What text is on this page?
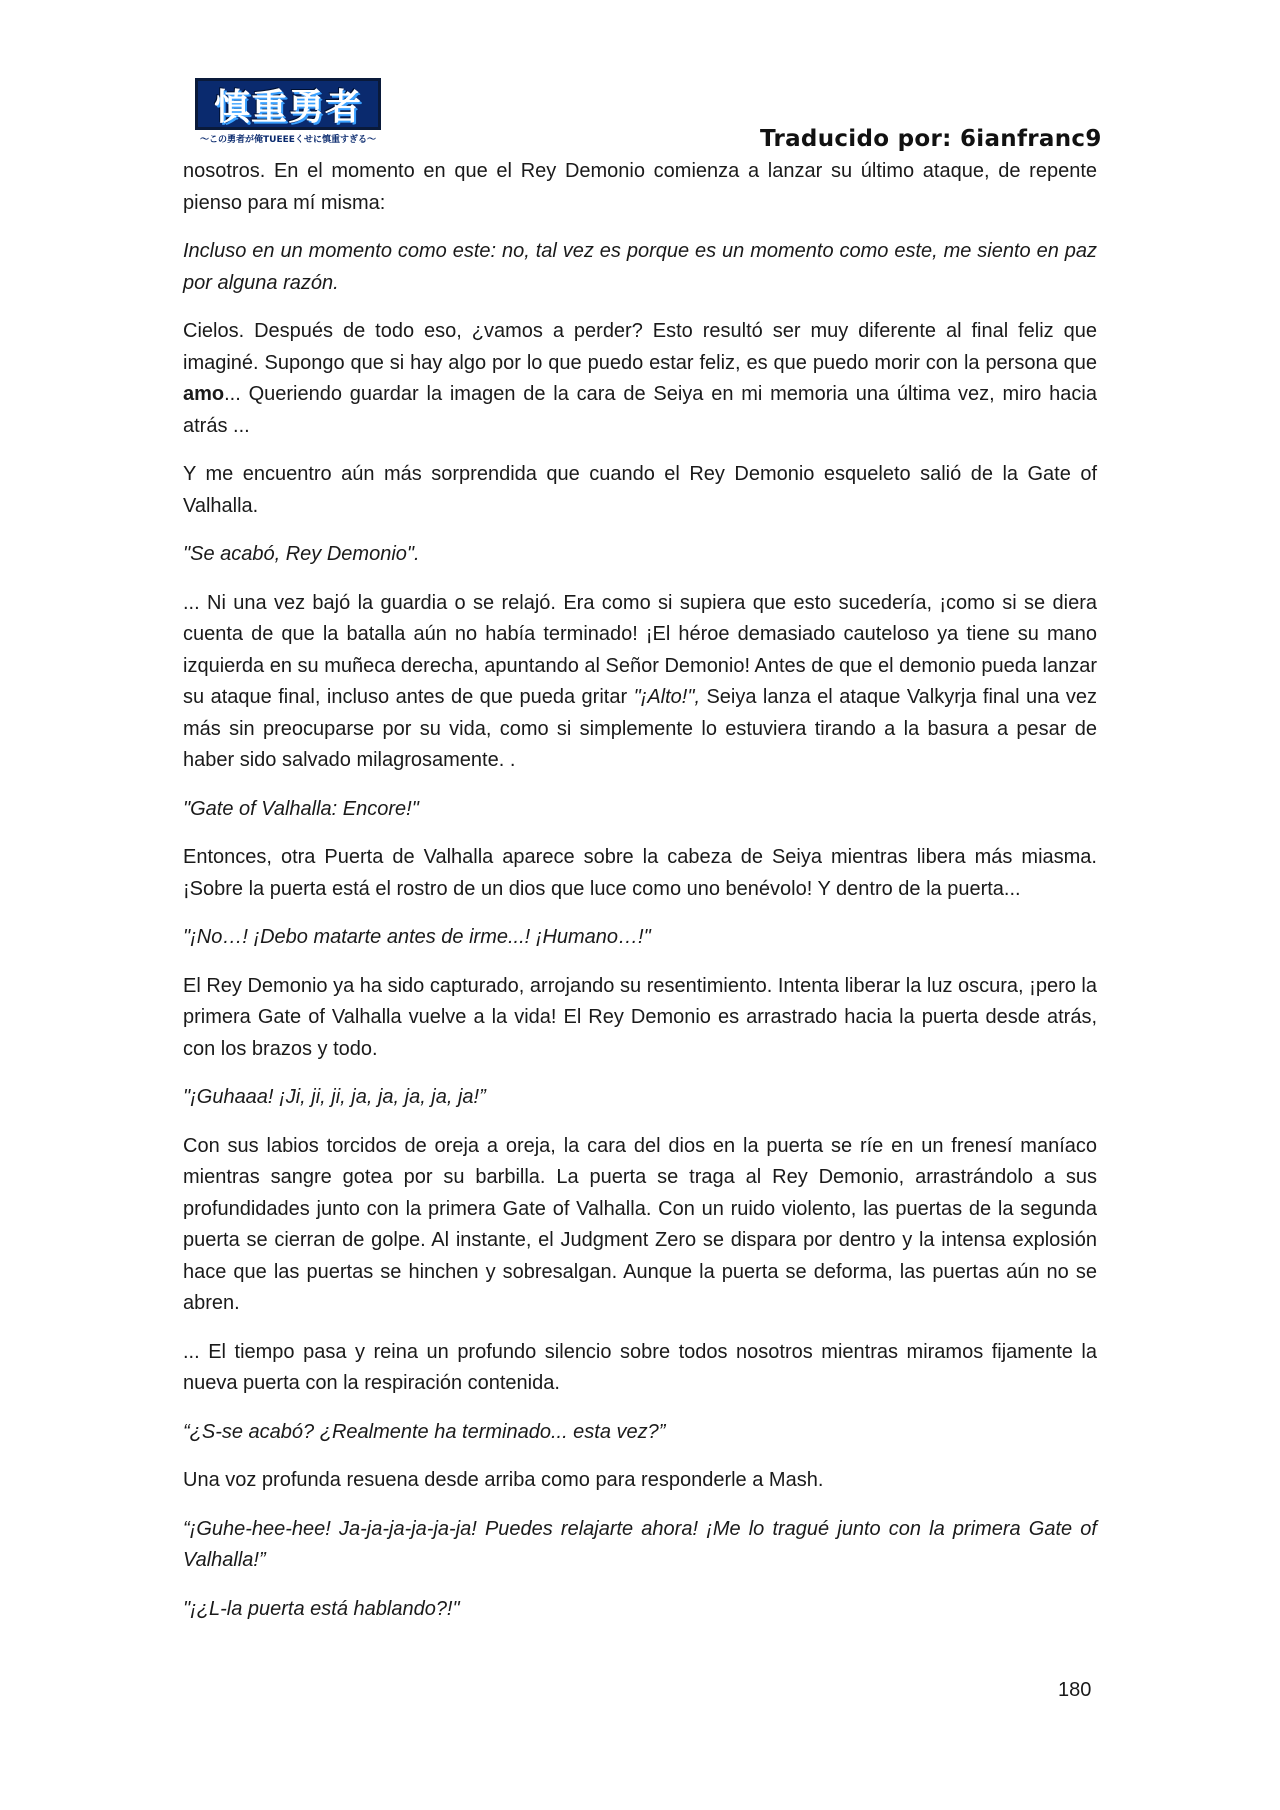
慎重勇者
〜この勇者が俺TUEEEくせに慎重すぎる〜	Traducido por: 6ianfranc9

nosotros. En el momento en que el Rey Demonio comienza a lanzar su último ataque, de repente pienso para mí misma:

Incluso en un momento como este: no, tal vez es porque es un momento como este, me siento en paz por alguna razón.

Cielos. Después de todo eso, ¿vamos a perder? Esto resultó ser muy diferente al final feliz que imaginé. Supongo que si hay algo por lo que puedo estar feliz, es que puedo morir con la persona que amo... Queriendo guardar la imagen de la cara de Seiya en mi memoria una última vez, miro hacia atrás ...

Y me encuentro aún más sorprendida que cuando el Rey Demonio esqueleto salió de la Gate of Valhalla.

"Se acabó, Rey Demonio".

... Ni una vez bajó la guardia o se relajó. Era como si supiera que esto sucedería, ¡como si se diera cuenta de que la batalla aún no había terminado! ¡El héroe demasiado cauteloso ya tiene su mano izquierda en su muñeca derecha, apuntando al Señor Demonio! Antes de que el demonio pueda lanzar su ataque final, incluso antes de que pueda gritar "¡Alto!", Seiya lanza el ataque Valkyrja final una vez más sin preocuparse por su vida, como si simplemente lo estuviera tirando a la basura a pesar de haber sido salvado milagrosamente. .

"Gate of Valhalla: Encore!"

Entonces, otra Puerta de Valhalla aparece sobre la cabeza de Seiya mientras libera más miasma. ¡Sobre la puerta está el rostro de un dios que luce como uno benévolo! Y dentro de la puerta...

"¡No…! ¡Debo matarte antes de irme...! ¡Humano…!"

El Rey Demonio ya ha sido capturado, arrojando su resentimiento. Intenta liberar la luz oscura, ¡pero la primera Gate of Valhalla vuelve a la vida! El Rey Demonio es arrastrado hacia la puerta desde atrás, con los brazos y todo.

"¡Guhaaa! ¡Ji, ji, ji, ja, ja, ja, ja, ja!”

Con sus labios torcidos de oreja a oreja, la cara del dios en la puerta se ríe en un frenesí maníaco mientras sangre gotea por su barbilla. La puerta se traga al Rey Demonio, arrastrándolo a sus profundidades junto con la primera Gate of Valhalla. Con un ruido violento, las puertas de la segunda puerta se cierran de golpe. Al instante, el Judgment Zero se dispara por dentro y la intensa explosión hace que las puertas se hinchen y sobresalgan. Aunque la puerta se deforma, las puertas aún no se abren.

... El tiempo pasa y reina un profundo silencio sobre todos nosotros mientras miramos fijamente la nueva puerta con la respiración contenida.

“¿S-se acabó? ¿Realmente ha terminado... esta vez?”

Una voz profunda resuena desde arriba como para responderle a Mash.

“¡Guhe-hee-hee! Ja-ja-ja-ja-ja-ja! Puedes relajarte ahora! ¡Me lo tragué junto con la primera Gate of Valhalla!”

"¡¿L-la puerta está hablando?!"

180
